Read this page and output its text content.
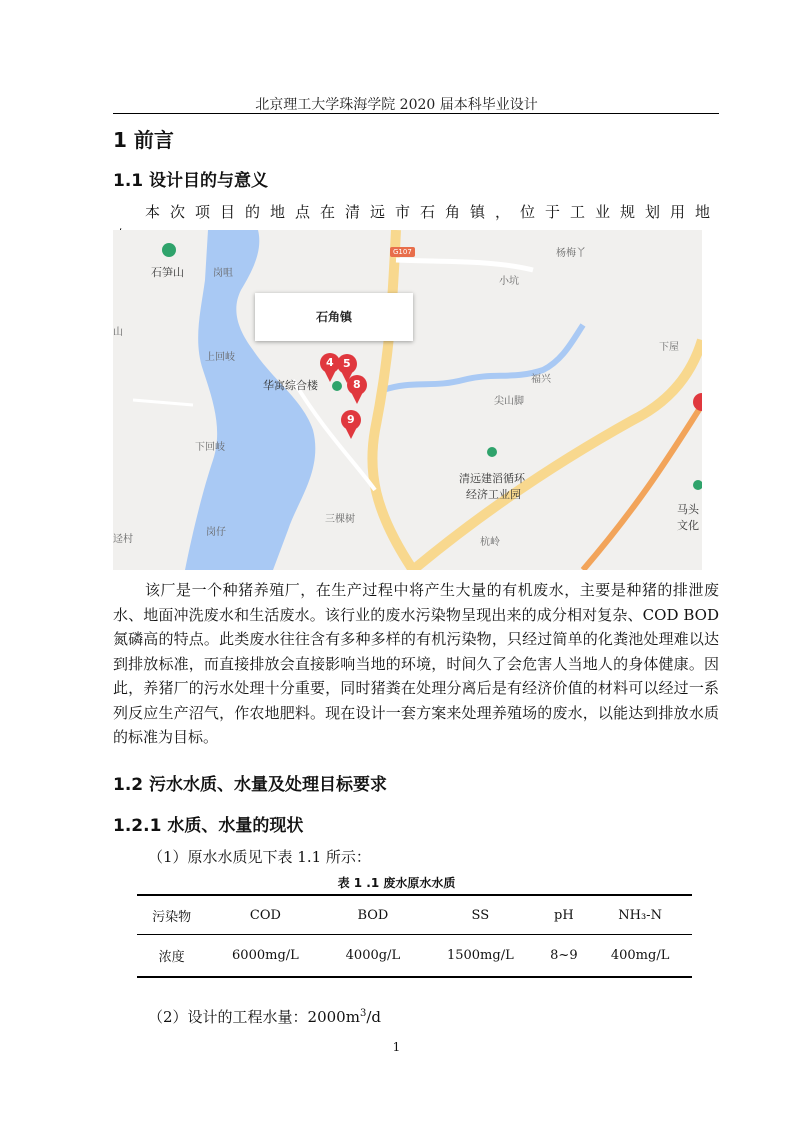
北京理工大学珠海学院 2020 届本科毕业设计
1 前言
1.1 设计目的与意义
本次项目的地点在清远市石角镇，位于工业规划用地
石角镇
G107
石笋山	岗咀
杨梅丫
小坑
山
上回岐
华寓综合楼
下屋
福兴
尖山脚
下回岐
清远建滔循环
经济工业园
马头
文化
三棵树
岗仔
杭岭
迳村
4 5
8
9

该厂是一个种猪养殖厂，在生产过程中将产生大量的有机废水，主要是种猪的排泄废水、地面冲洗废水和生活废水。该行业的废水污染物呈现出来的成分相对复杂、COD BOD 氮磷高的特点。此类废水往往含有多种多样的有机污染物，只经过简单的化粪池处理难以达到排放标准，而直接排放会直接影响当地的环境，时间久了会危害人当地人的身体健康。因此，养猪厂的污水处理十分重要，同时猪粪在处理分离后是有经济价值的材料可以经过一系列反应生产沼气，作农地肥料。现在设计一套方案来处理养殖场的废水，以能达到排放水质的标准为目标。

1.2 污水水质、水量及处理目标要求
1.2.1 水质、水量的现状
（1）原水水质见下表 1.1 所示：
表 1 .1 废水原水水质
污染物	COD	BOD	SS	pH	NH₃-N
浓度	6000mg/L	4000g/L	1500mg/L	8~9	400mg/L
（2）设计的工程水量：$2000m^3/d$
1
